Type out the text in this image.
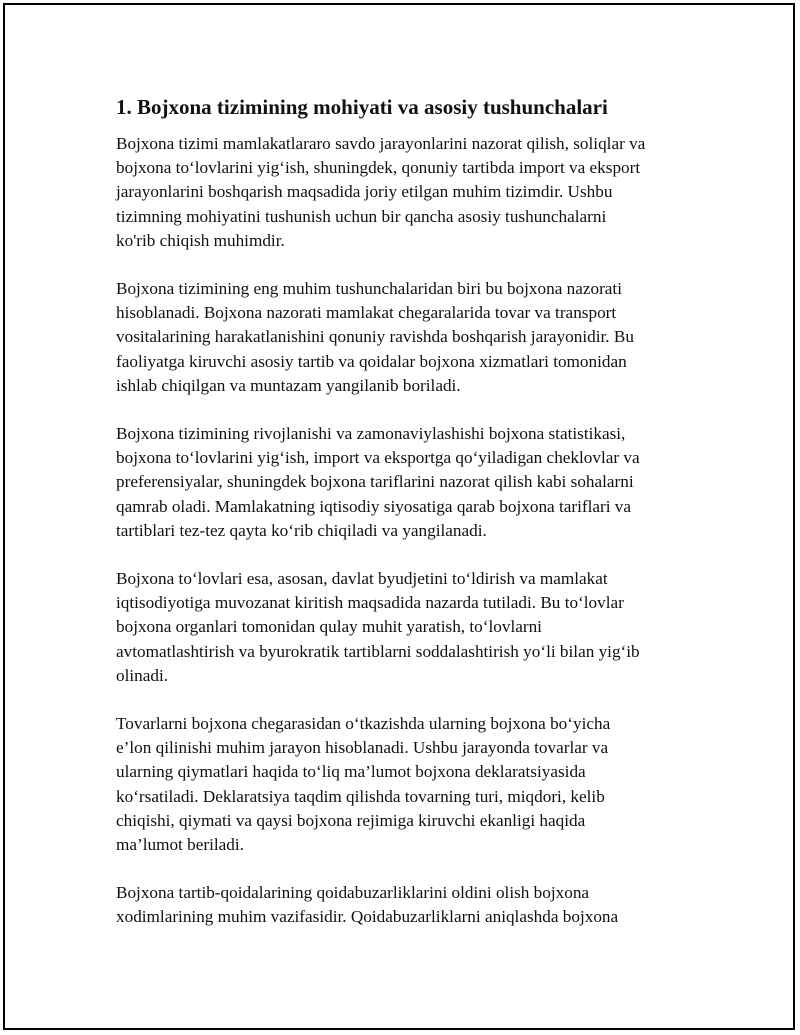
1. Bojxona tizimining mohiyati va asosiy tushunchalari

Bojxona tizimi mamlakatlararo savdo jarayonlarini nazorat qilish, soliqlar va
bojxona to‘lovlarini yig‘ish, shuningdek, qonuniy tartibda import va eksport
jarayonlarini boshqarish maqsadida joriy etilgan muhim tizimdir. Ushbu
tizimning mohiyatini tushunish uchun bir qancha asosiy tushunchalarni
ko'rib chiqish muhimdir.

Bojxona tizimining eng muhim tushunchalaridan biri bu bojxona nazorati
hisoblanadi. Bojxona nazorati mamlakat chegaralarida tovar va transport
vositalarining harakatlanishini qonuniy ravishda boshqarish jarayonidir. Bu
faoliyatga kiruvchi asosiy tartib va qoidalar bojxona xizmatlari tomonidan
ishlab chiqilgan va muntazam yangilanib boriladi.

Bojxona tizimining rivojlanishi va zamonaviylashishi bojxona statistikasi,
bojxona to‘lovlarini yig‘ish, import va eksportga qo‘yiladigan cheklovlar va
preferensiyalar, shuningdek bojxona tariflarini nazorat qilish kabi sohalarni
qamrab oladi. Mamlakatning iqtisodiy siyosatiga qarab bojxona tariflari va
tartiblari tez-tez qayta ko‘rib chiqiladi va yangilanadi.

Bojxona to‘lovlari esa, asosan, davlat byudjetini to‘ldirish va mamlakat
iqtisodiyotiga muvozanat kiritish maqsadida nazarda tutiladi. Bu to‘lovlar
bojxona organlari tomonidan qulay muhit yaratish, to‘lovlarni
avtomatlashtirish va byurokratik tartiblarni soddalashtirish yo‘li bilan yig‘ib
olinadi.

Tovarlarni bojxona chegarasidan o‘tkazishda ularning bojxona bo‘yicha
e’lon qilinishi muhim jarayon hisoblanadi. Ushbu jarayonda tovarlar va
ularning qiymatlari haqida to‘liq ma’lumot bojxona deklaratsiyasida
ko‘rsatiladi. Deklaratsiya taqdim qilishda tovarning turi, miqdori, kelib
chiqishi, qiymati va qaysi bojxona rejimiga kiruvchi ekanligi haqida
ma’lumot beriladi.

Bojxona tartib-qoidalarining qoidabuzarliklarini oldini olish bojxona
xodimlarining muhim vazifasidir. Qoidabuzarliklarni aniqlashda bojxona
